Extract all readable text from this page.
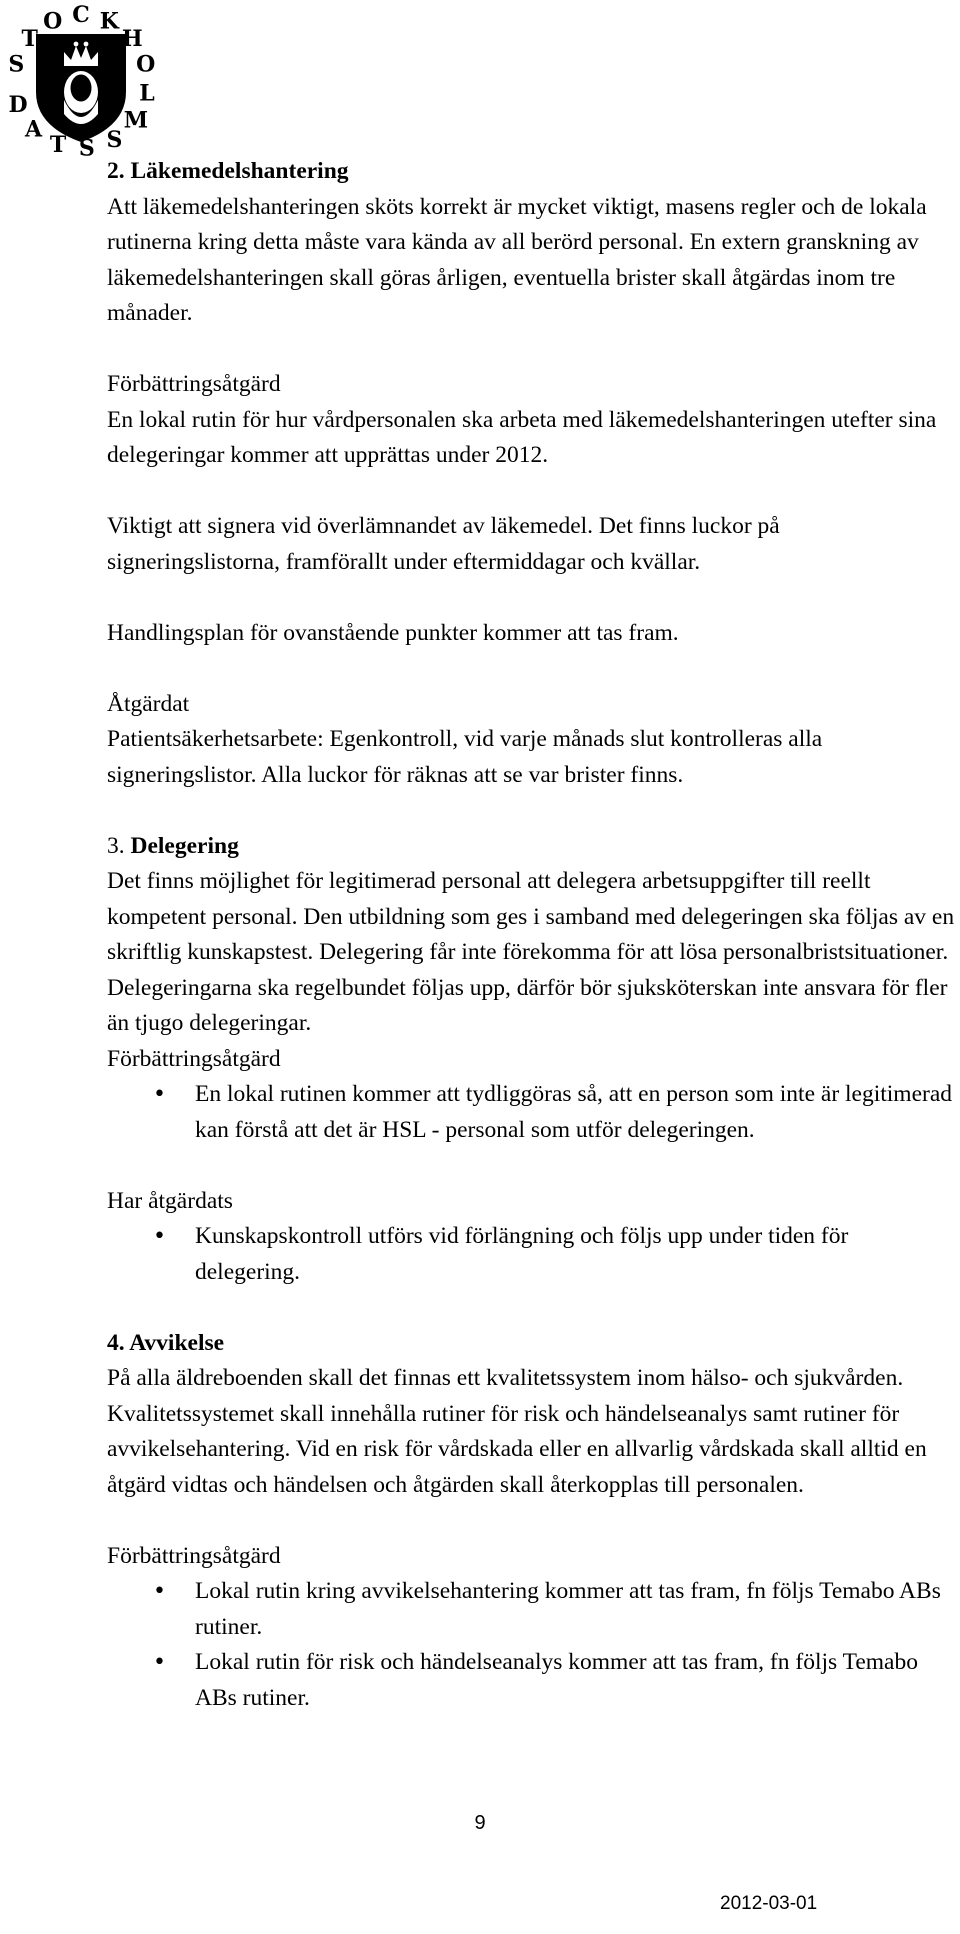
S
T
O C K
H
O
L
M
S
S
T
A
D

2. Läkemedelshantering

Att läkemedelshanteringen sköts korrekt är mycket viktigt, masens regler och de lokala rutinerna kring detta måste vara kända av all berörd personal. En extern granskning av läkemedelshanteringen skall göras årligen, eventuella brister skall åtgärdas inom tre månader.

Förbättringsåtgärd

En lokal rutin för hur vårdpersonalen ska arbeta med läkemedelshanteringen utefter sina delegeringar kommer att upprättas under 2012.

Viktigt att signera vid överlämnandet av läkemedel. Det finns luckor på signeringslistorna, framförallt under eftermiddagar och kvällar.

Handlingsplan för ovanstående punkter kommer att tas fram.

Åtgärdat

Patientsäkerhetsarbete: Egenkontroll, vid varje månads slut kontrolleras alla signeringslistor. Alla luckor för räknas att se var brister finns.

3. Delegering

Det finns möjlighet för legitimerad personal att delegera arbetsuppgifter till reellt kompetent personal. Den utbildning som ges i samband med delegeringen ska följas av en skriftlig kunskapstest. Delegering får inte förekomma för att lösa personalbristsituationer. Delegeringarna ska regelbundet följas upp, därför bör sjuksköterskan inte ansvara för fler än tjugo delegeringar.

Förbättringsåtgärd

• En lokal rutinen kommer att tydliggöras så, att en person som inte är legitimerad kan förstå att det är HSL - personal som utför delegeringen.

Har åtgärdats

• Kunskapskontroll utförs vid förlängning och följs upp under tiden för delegering.

4. Avvikelse

På alla äldreboenden skall det finnas ett kvalitetssystem inom hälso- och sjukvården. Kvalitetssystemet skall innehålla rutiner för risk och händelseanalys samt rutiner för avvikelsehantering. Vid en risk för vårdskada eller en allvarlig vårdskada skall alltid en åtgärd vidtas och händelsen och åtgärden skall återkopplas till personalen.

Förbättringsåtgärd

• Lokal rutin kring avvikelsehantering kommer att tas fram, fn följs Temabo ABs rutiner.
• Lokal rutin för risk och händelseanalys kommer att tas fram, fn följs Temabo ABs rutiner.
9
2012-03-01
